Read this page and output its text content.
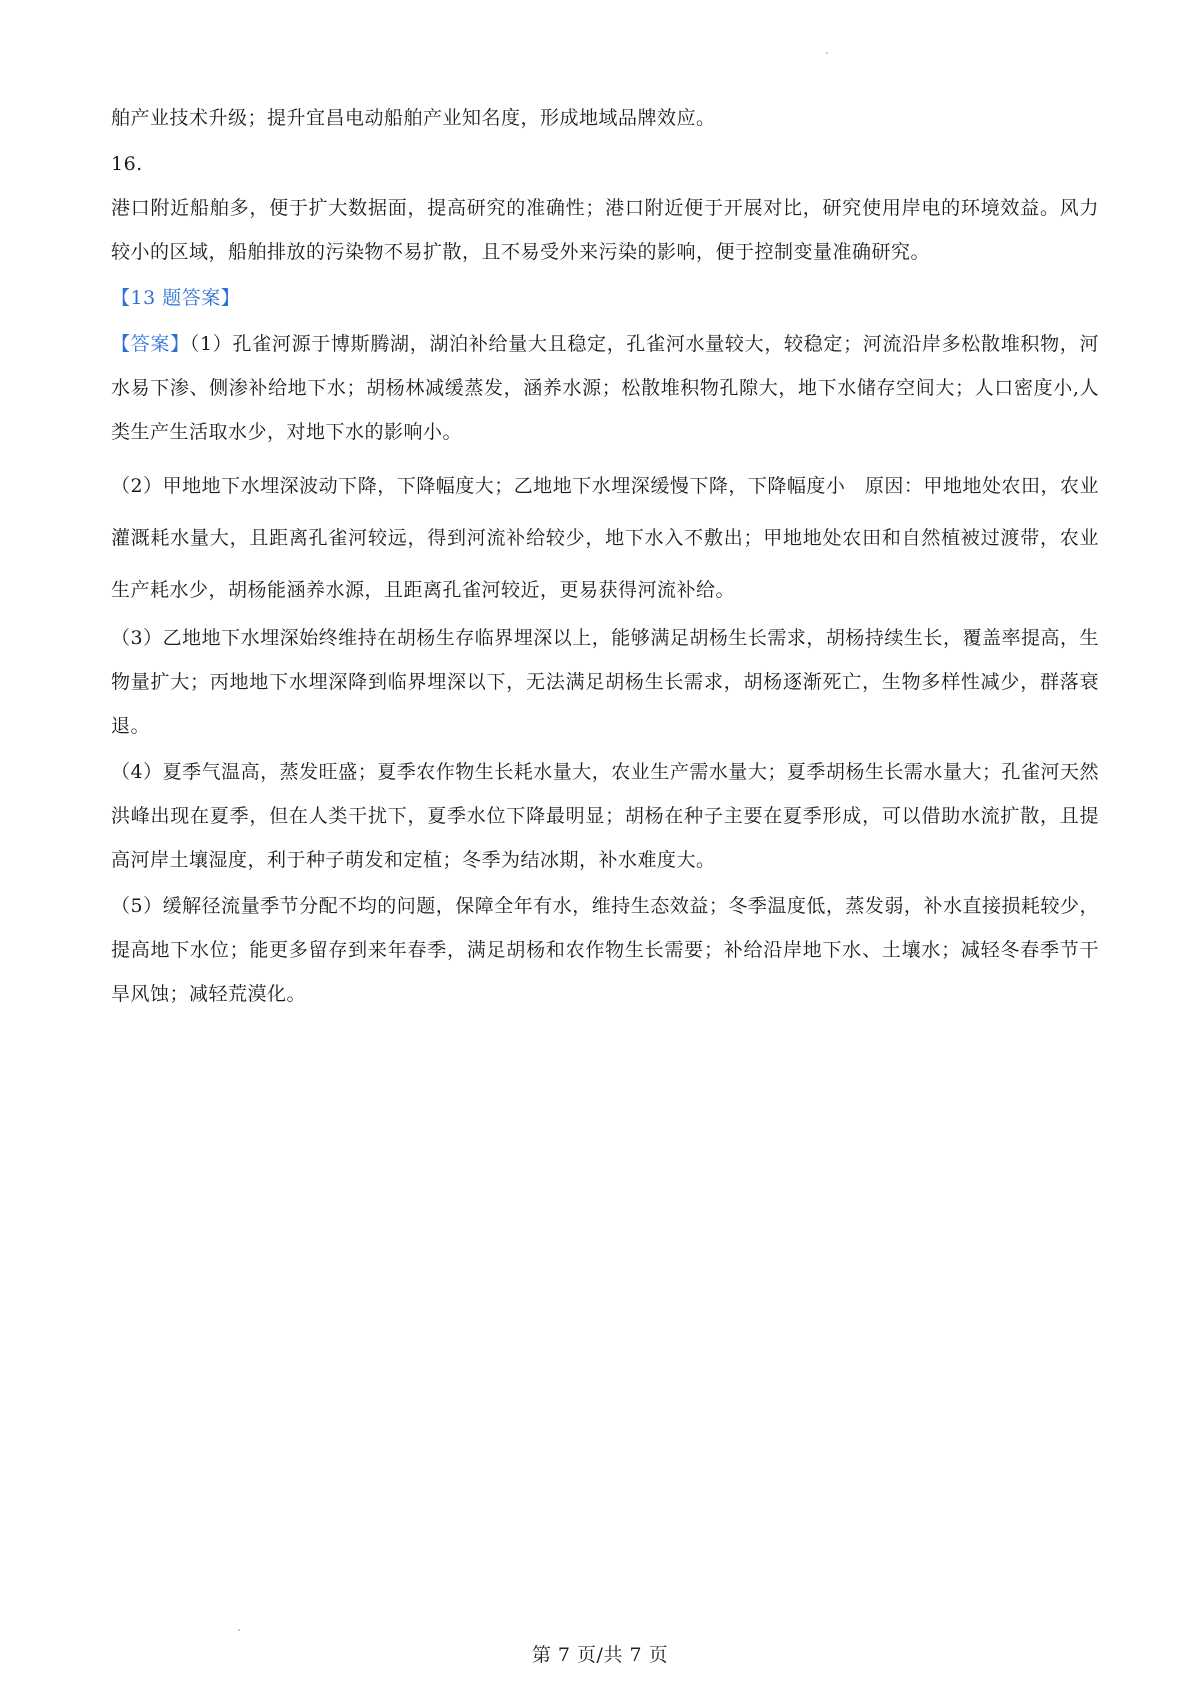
舶产业技术升级；提升宜昌电动船舶产业知名度，形成地域品牌效应。

16.

港口附近船舶多，便于扩大数据面，提高研究的准确性；港口附近便于开展对比，研究使用岸电的环境效益。风力较小的区域，船舶排放的污染物不易扩散，且不易受外来污染的影响，便于控制变量准确研究。

【13 题答案】

【答案】（1）孔雀河源于博斯腾湖，湖泊补给量大且稳定，孔雀河水量较大，较稳定；河流沿岸多松散堆积物，河水易下渗、侧渗补给地下水；胡杨林减缓蒸发，涵养水源；松散堆积物孔隙大，地下水储存空间大；人口密度小,人类生产生活取水少，对地下水的影响小。

（2）甲地地下水埋深波动下降，下降幅度大；乙地地下水埋深缓慢下降，下降幅度小　原因：甲地地处农田，农业灌溉耗水量大，且距离孔雀河较远，得到河流补给较少，地下水入不敷出；甲地地处农田和自然植被过渡带，农业生产耗水少，胡杨能涵养水源，且距离孔雀河较近，更易获得河流补给。

（3）乙地地下水埋深始终维持在胡杨生存临界埋深以上，能够满足胡杨生长需求，胡杨持续生长，覆盖率提高，生物量扩大；丙地地下水埋深降到临界埋深以下，无法满足胡杨生长需求，胡杨逐渐死亡，生物多样性减少，群落衰退。

（4）夏季气温高，蒸发旺盛；夏季农作物生长耗水量大，农业生产需水量大；夏季胡杨生长需水量大；孔雀河天然洪峰出现在夏季，但在人类干扰下，夏季水位下降最明显；胡杨在种子主要在夏季形成，可以借助水流扩散，且提高河岸土壤湿度，利于种子萌发和定植；冬季为结冰期，补水难度大。

（5）缓解径流量季节分配不均的问题，保障全年有水，维持生态效益；冬季温度低，蒸发弱，补水直接损耗较少，提高地下水位；能更多留存到来年春季，满足胡杨和农作物生长需要；补给沿岸地下水、土壤水；减轻冬春季节干旱风蚀；减轻荒漠化。

第 7 页/共 7 页
